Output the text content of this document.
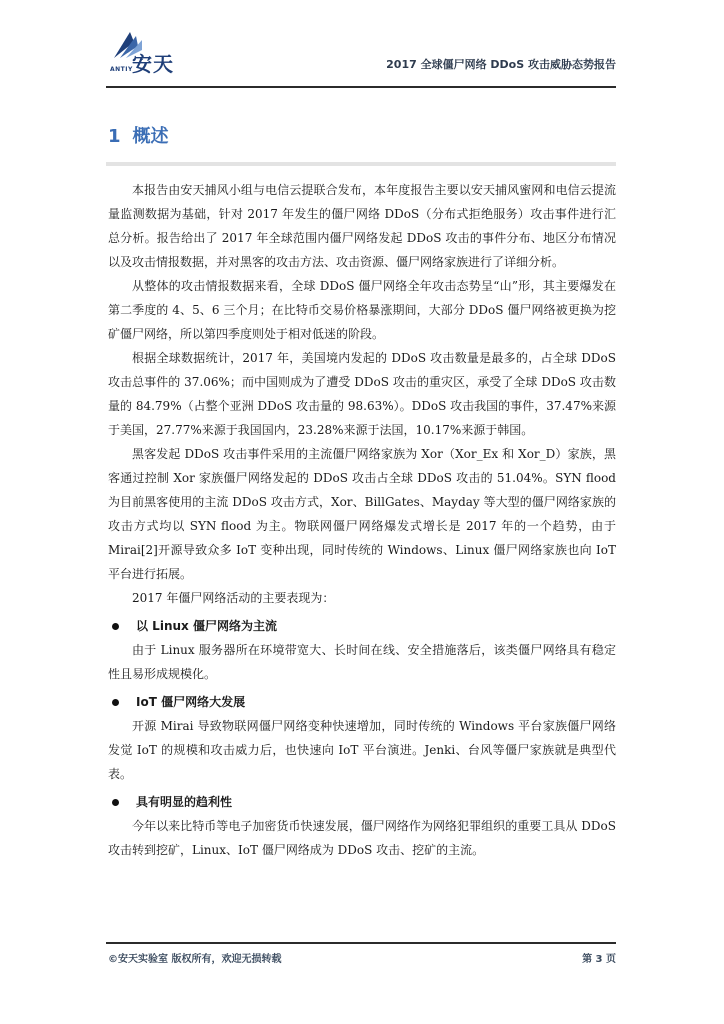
安天
ANTIY	2017 全球僵尸网络 DDoS 攻击威胁态势报告
1 概述

本报告由安天捕风小组与电信云提联合发布，本年度报告主要以安天捕风蜜网和电信云提流量监测数据为基础，针对 2017 年发生的僵尸网络 DDoS（分布式拒绝服务）攻击事件进行汇总分析。报告给出了 2017 年全球范围内僵尸网络发起 DDoS 攻击的事件分布、地区分布情况以及攻击情报数据，并对黑客的攻击方法、攻击资源、僵尸网络家族进行了详细分析。

从整体的攻击情报数据来看，全球 DDoS 僵尸网络全年攻击态势呈“山”形，其主要爆发在第二季度的 4、5、6 三个月；在比特币交易价格暴涨期间，大部分 DDoS 僵尸网络被更换为挖矿僵尸网络，所以第四季度则处于相对低迷的阶段。

根据全球数据统计，2017 年，美国境内发起的 DDoS 攻击数量是最多的，占全球 DDoS 攻击总事件的 37.06%；而中国则成为了遭受 DDoS 攻击的重灾区，承受了全球 DDoS 攻击数量的 84.79%（占整个亚洲 DDoS 攻击量的 98.63%）。DDoS 攻击我国的事件，37.47%来源于美国，27.77%来源于我国国内，23.28%来源于法国，10.17%来源于韩国。

黑客发起 DDoS 攻击事件采用的主流僵尸网络家族为 Xor（Xor_Ex 和 Xor_D）家族，黑客通过控制 Xor 家族僵尸网络发起的 DDoS 攻击占全球 DDoS 攻击的 51.04%。SYN flood 为目前黑客使用的主流 DDoS 攻击方式，Xor、BillGates、Mayday 等大型的僵尸网络家族的攻击方式均以 SYN flood 为主。物联网僵尸网络爆发式增长是 2017 年的一个趋势，由于 Mirai[2]开源导致众多 IoT 变种出现，同时传统的 Windows、Linux 僵尸网络家族也向 IoT 平台进行拓展。

2017 年僵尸网络活动的主要表现为：

以 Linux 僵尸网络为主流

由于 Linux 服务器所在环境带宽大、长时间在线、安全措施落后，该类僵尸网络具有稳定性且易形成规模化。

IoT 僵尸网络大发展

开源 Mirai 导致物联网僵尸网络变种快速增加，同时传统的 Windows 平台家族僵尸网络发觉 IoT 的规模和攻击威力后，也快速向 IoT 平台演进。Jenki、台风等僵尸家族就是典型代表。

具有明显的趋利性

今年以来比特币等电子加密货币快速发展，僵尸网络作为网络犯罪组织的重要工具从 DDoS 攻击转到挖矿，Linux、IoT 僵尸网络成为 DDoS 攻击、挖矿的主流。

©安天实验室 版权所有，欢迎无损转载	第 3 页
